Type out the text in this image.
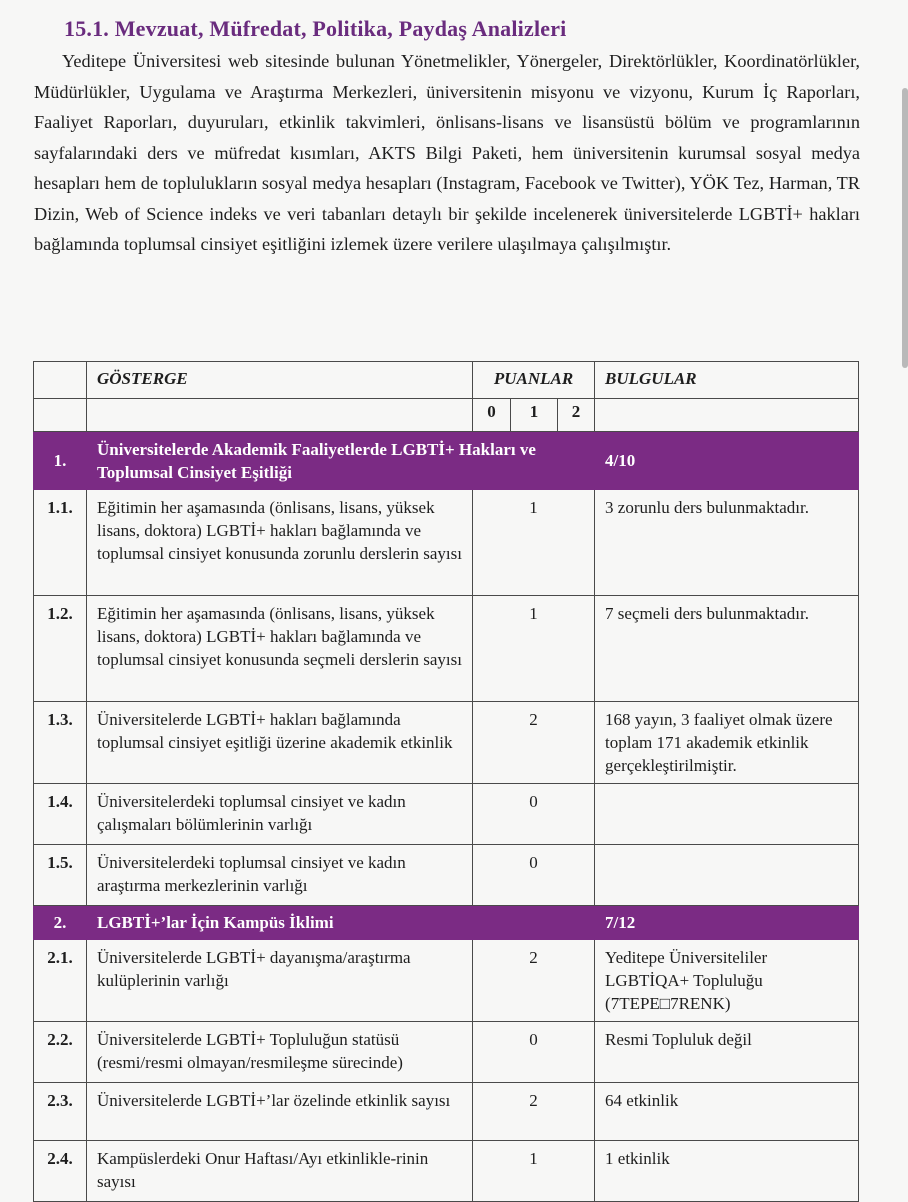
15.1. Mevzuat, Müfredat, Politika, Paydaş Analizleri
Yeditepe Üniversitesi web sitesinde bulunan Yönetmelikler, Yönergeler, Direktörlükler, Koordinatörlükler, Müdürlükler, Uygulama ve Araştırma Merkezleri, üniversitenin misyonu ve vizyonu, Kurum İç Raporları, Faaliyet Raporları, duyuruları, etkinlik takvimleri, önlisans-lisans ve lisansüstü bölüm ve programlarının sayfalarındaki ders ve müfredat kısımları, AKTS Bilgi Paketi, hem üniversitenin kurumsal sosyal medya hesapları hem de toplulukların sosyal medya hesapları (Instagram, Facebook ve Twitter), YÖK Tez, Harman, TR Dizin, Web of Science indeks ve veri tabanları detaylı bir şekilde incelenerek üniversitelerde LGBTİ+ hakları bağlamında toplumsal cinsiyet eşitliğini izlemek üzere verilere ulaşılmaya çalışılmıştır.
	GÖSTERGE	PUANLAR			BULGULAR
		0	1	2	
1.	Üniversitelerde Akademik Faaliyetlerde LGBTİ+ Hakları ve Toplumsal Cinsiyet Eşitliği				4/10
1.1.	Eğitimin her aşamasında (önlisans, lisans, yüksek lisans, doktora) LGBTİ+ hakları bağlamında ve toplumsal cinsiyet konusunda zorunlu derslerin sayısı	1			3 zorunlu ders bulunmaktadır.
1.2.	Eğitimin her aşamasında (önlisans, lisans, yüksek lisans, doktora) LGBTİ+ hakları bağlamında ve toplumsal cinsiyet konusunda seçmeli derslerin sayısı	1			7 seçmeli ders bulunmaktadır.
1.3.	Üniversitelerde LGBTİ+ hakları bağlamında toplumsal cinsiyet eşitliği üzerine akademik etkinlik	2			168 yayın, 3 faaliyet olmak üzere toplam 171 akademik etkinlik gerçekleştirilmiştir.
1.4.	Üniversitelerdeki toplumsal cinsiyet ve kadın çalışmaları bölümlerinin varlığı	0			
1.5.	Üniversitelerdeki toplumsal cinsiyet ve kadın araştırma merkezlerinin varlığı	0			
2.	LGBTİ+’lar İçin Kampüs İklimi				7/12
2.1.	Üniversitelerde LGBTİ+ dayanışma/araştırma kulüplerinin varlığı	2			Yeditepe Üniversiteliler LGBTİQA+ Topluluğu (7TEPE□7RENK)
2.2.	Üniversitelerde LGBTİ+ Topluluğun statüsü (resmi/resmi olmayan/resmileşme sürecinde)	0			Resmi Topluluk değil
2.3.	Üniversitelerde LGBTİ+’lar özelinde etkinlik sayısı	2			64 etkinlik
2.4.	Kampüslerdeki Onur Haftası/Ayı etkinlikle-rinin sayısı	1			1 etkinlik
